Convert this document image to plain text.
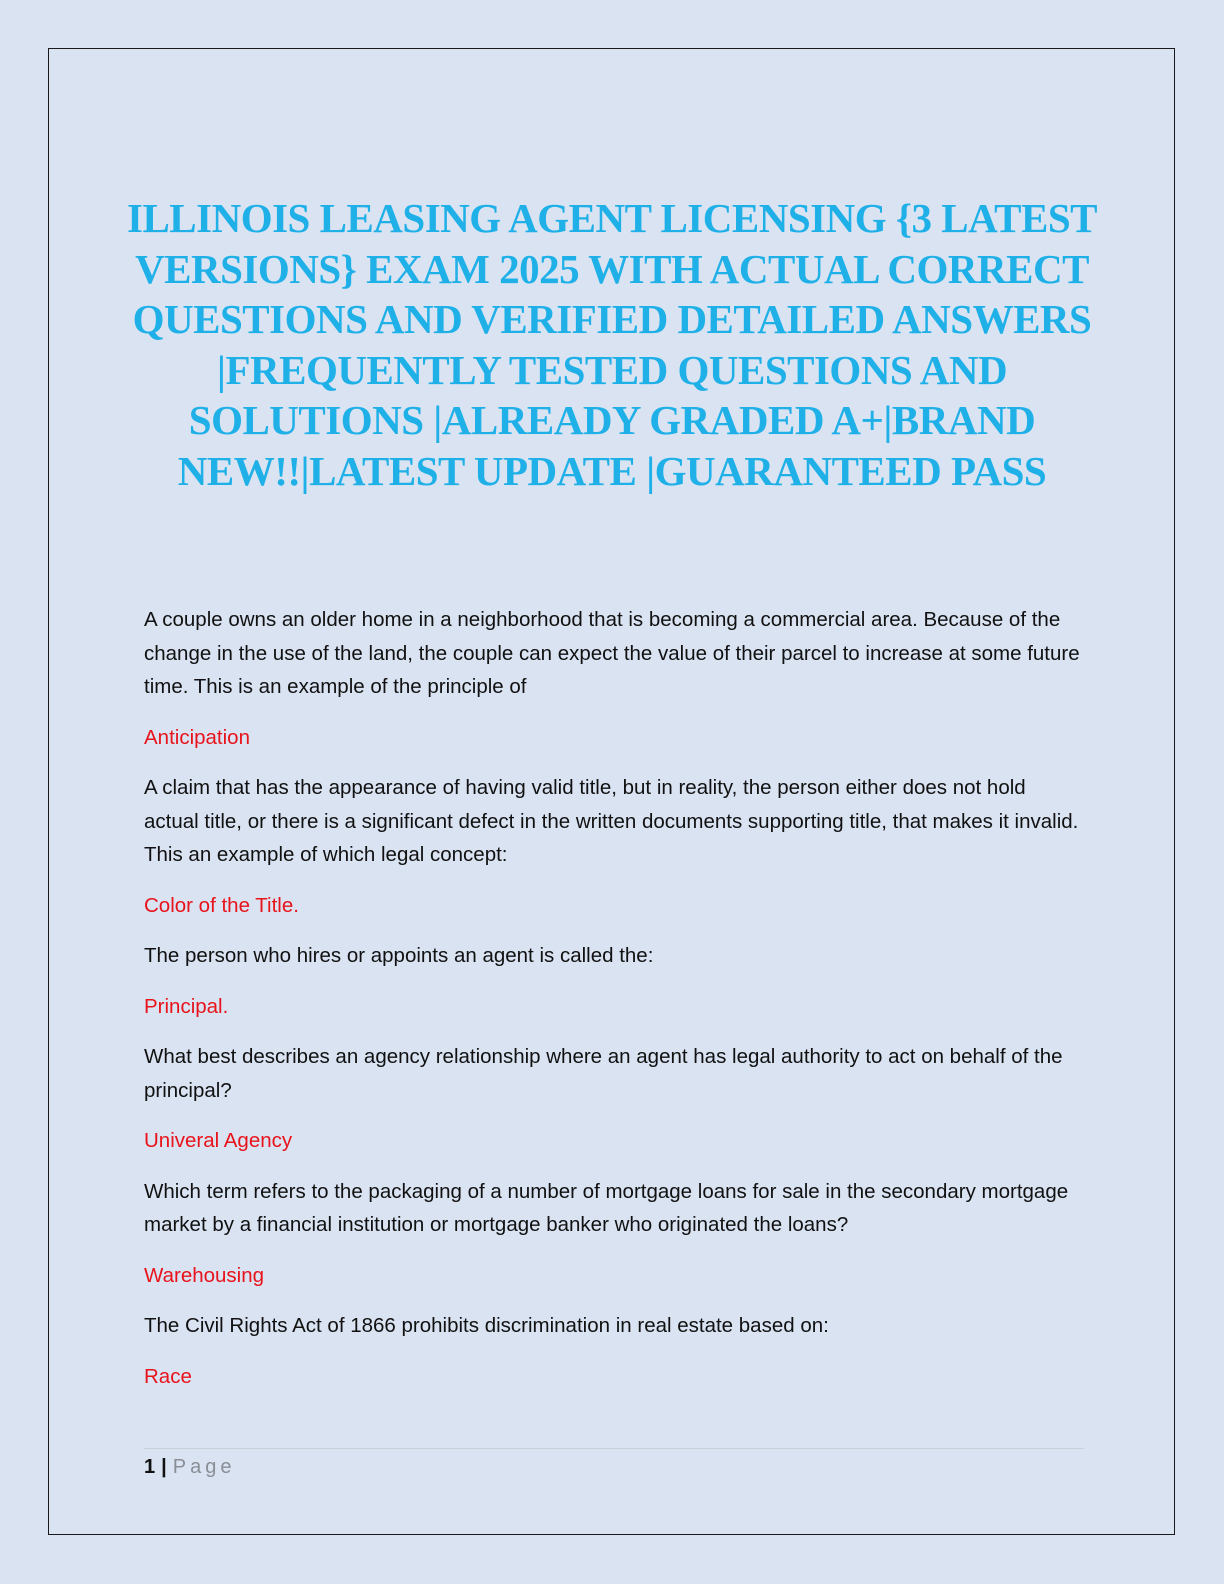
ILLINOIS LEASING AGENT LICENSING {3 LATEST VERSIONS} EXAM 2025 WITH ACTUAL CORRECT QUESTIONS AND VERIFIED DETAILED ANSWERS |FREQUENTLY TESTED QUESTIONS AND SOLUTIONS |ALREADY GRADED A+|BRAND NEW!!|LATEST UPDATE |GUARANTEED PASS

A couple owns an older home in a neighborhood that is becoming a commercial area. Because of the change in the use of the land, the couple can expect the value of their parcel to increase at some future time. This is an example of the principle of

Anticipation

A claim that has the appearance of having valid title, but in reality, the person either does not hold actual title, or there is a significant defect in the written documents supporting title, that makes it invalid. This an example of which legal concept:

Color of the Title.

The person who hires or appoints an agent is called the:

Principal.

What best describes an agency relationship where an agent has legal authority to act on behalf of the principal?

Univeral Agency

Which term refers to the packaging of a number of mortgage loans for sale in the secondary mortgage market by a financial institution or mortgage banker who originated the loans?

Warehousing

The Civil Rights Act of 1866 prohibits discrimination in real estate based on:

Race

1 | Page
